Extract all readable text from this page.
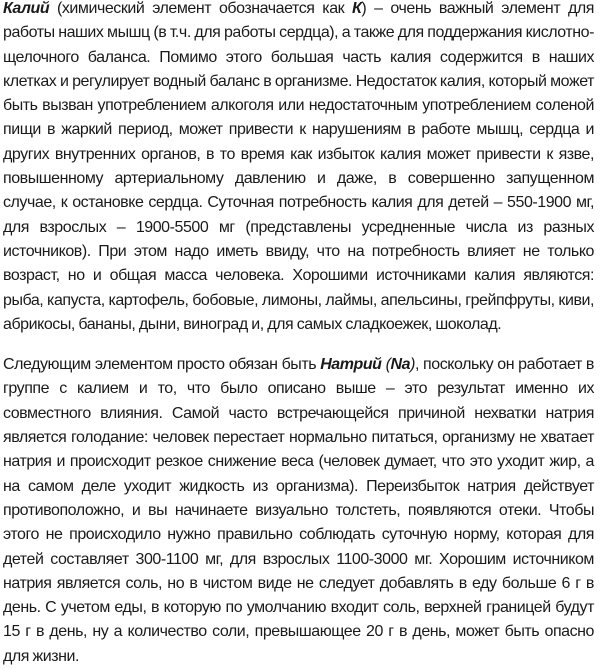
Калий (химический элемент обозначается как К) – очень важный элемент для работы наших мышц (в т.ч. для работы сердца), а также для поддержания кислотно-щелочного баланса. Помимо этого большая часть калия содержится в наших клетках и регулирует водный баланс в организме. Недостаток калия, который может быть вызван употреблением алкоголя или недостаточным употреблением соленой пищи в жаркий период, может привести к нарушениям в работе мышц, сердца и других внутренних органов, в то время как избыток калия может привести к язве, повышенному артериальному давлению и даже, в совершенно запущенном случае, к остановке сердца. Суточная потребность калия для детей – 550-1900 мг, для взрослых – 1900-5500 мг (представлены усредненные числа из разных источников). При этом надо иметь ввиду, что на потребность влияет не только возраст, но и общая масса человека. Хорошими источниками калия являются: рыба, капуста, картофель, бобовые, лимоны, лаймы, апельсины, грейпфруты, киви, абрикосы, бананы, дыни, виноград и, для самых сладкоежек, шоколад.

Следующим элементом просто обязан быть Натрий (Na), поскольку он работает в группе с калием и то, что было описано выше – это результат именно их совместного влияния. Самой часто встречающейся причиной нехватки натрия является голодание: человек перестает нормально питаться, организму не хватает натрия и происходит резкое снижение веса (человек думает, что это уходит жир, а на самом деле уходит жидкость из организма). Переизбыток натрия действует противоположно, и вы начинаете визуально толстеть, появляются отеки. Чтобы этого не происходило нужно правильно соблюдать суточную норму, которая для детей составляет 300-1100 мг, для взрослых 1100-3000 мг. Хорошим источником натрия является соль, но в чистом виде не следует добавлять в еду больше 6 г в день. С учетом еды, в которую по умолчанию входит соль, верхней границей будут 15 г в день, ну а количество соли, превышающее 20 г в день, может быть опасно для жизни.
